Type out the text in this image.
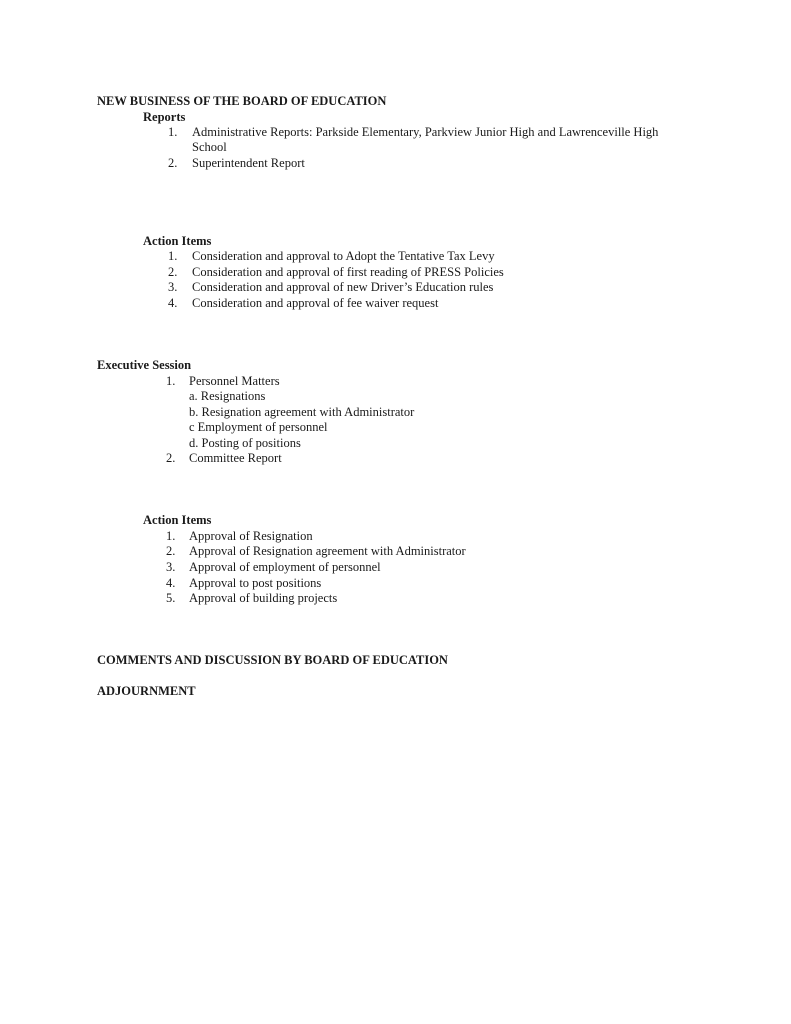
NEW BUSINESS OF THE BOARD OF EDUCATION
Reports
1. Administrative Reports: Parkside Elementary, Parkview Junior High and Lawrenceville High
School
2. Superintendent Report
Action Items
1. Consideration and approval to Adopt the Tentative Tax Levy
2. Consideration and approval of first reading of PRESS Policies
3. Consideration and approval of new Driver’s Education rules
4. Consideration and approval of fee waiver request
Executive Session
1. Personnel Matters
a. Resignations
b. Resignation agreement with Administrator
c Employment of personnel
d. Posting of positions
2. Committee Report
Action Items
1. Approval of Resignation
2. Approval of Resignation agreement with Administrator
3. Approval of employment of personnel
4. Approval to post positions
5. Approval of building projects
COMMENTS AND DISCUSSION BY BOARD OF EDUCATION
ADJOURNMENT
